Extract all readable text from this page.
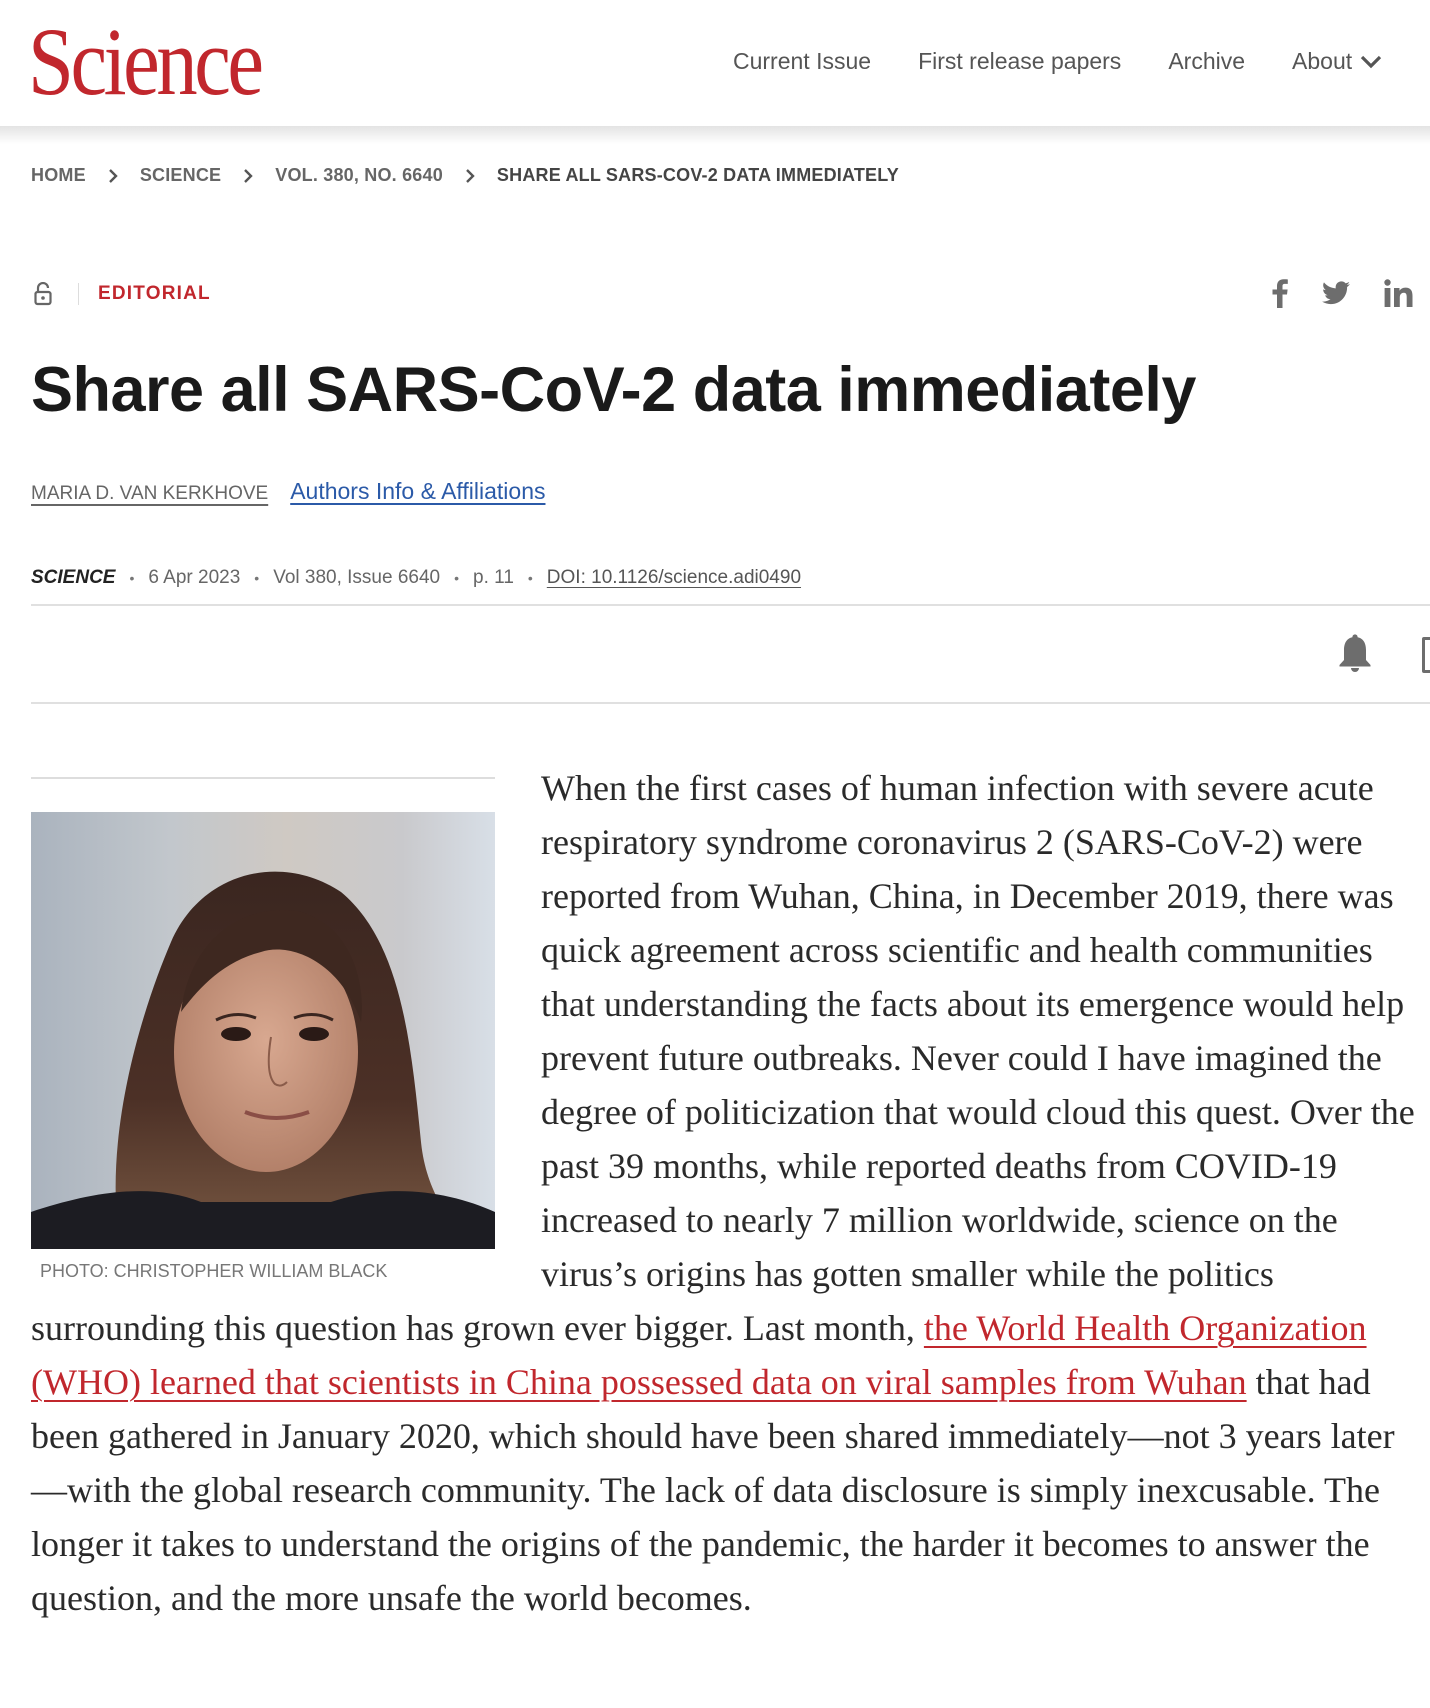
Science	Current Issue First release papers Archive About
HOME	SCIENCE	VOL. 380, NO. 6640	SHARE ALL SARS-COV-2 DATA IMMEDIATELY
EDITORIAL
Share all SARS-CoV-2 data immediately
MARIA D. VAN KERKHOVE Authors Info & Affiliations
SCIENCE • 6 Apr 2023 • Vol 380, Issue 6640 • p. 11 • DOI: 10.1126/science.adi0490
PHOTO: CHRISTOPHER WILLIAM BLACK
When the first cases of human infection with severe acute respiratory syndrome coronavirus 2 (SARS-CoV-2) were reported from Wuhan, China, in December 2019, there was quick agreement across scientific and health communities that understanding the facts about its emergence would help prevent future outbreaks. Never could I have imagined the degree of politicization that would cloud this quest. Over the past 39 months, while reported deaths from COVID-19 increased to nearly 7 million worldwide, science on the virus’s origins has gotten smaller while the politics surrounding this question has grown ever bigger. Last month, the World Health Organization (WHO) learned that scientists in China possessed data on viral samples from Wuhan that had been gathered in January 2020, which should have been shared immediately—not 3 years later—with the global research community. The lack of data disclosure is simply inexcusable. The longer it takes to understand the origins of the pandemic, the harder it becomes to answer the question, and the more unsafe the world becomes.
